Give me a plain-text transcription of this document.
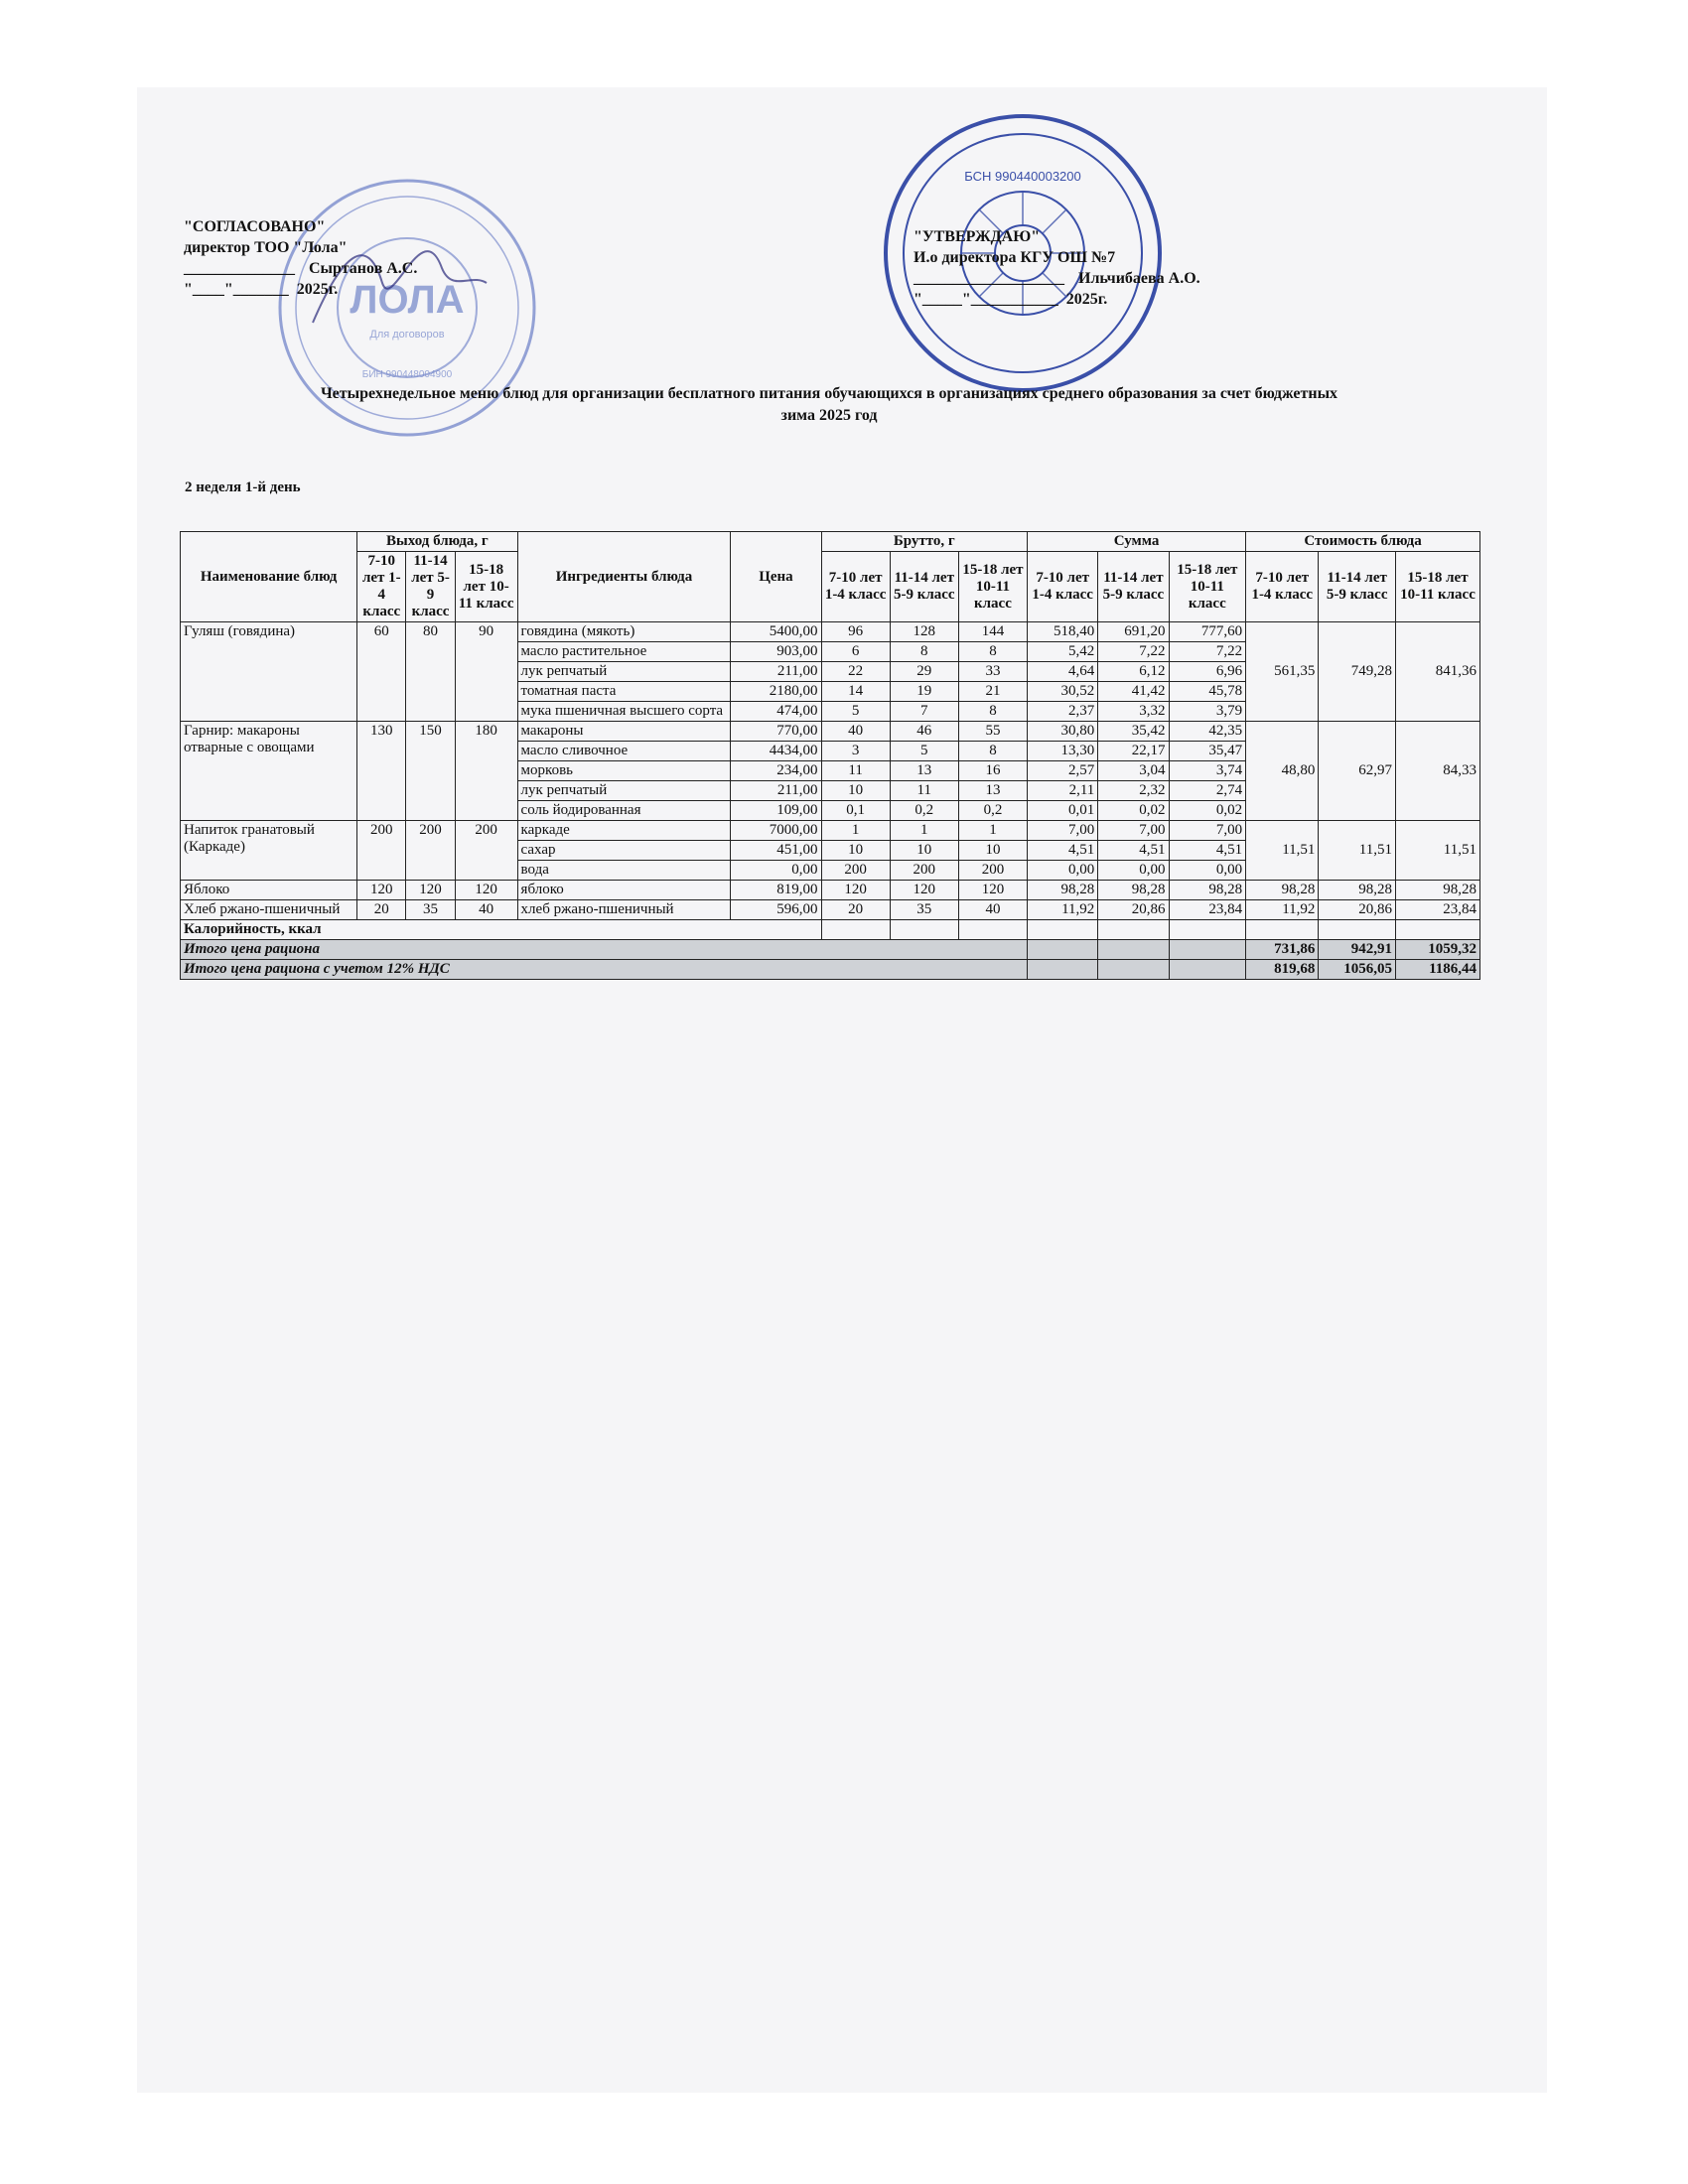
ЛОЛА
Для договоров
БИН 990448004900
БСН 990440003200
"СОГЛАСОВАНО"
директор ТОО "Лола"
______________ Сыртанов А.С.
"____"_______  2025г.
"УТВЕРЖДАЮ"
И.о директора КГУ ОШ №7
___________________ Ильчибаева А.О.
"_____"___________  2025г.
Четырехнедельное меню блюд для организации бесплатного питания обучающихся в организациях среднего образования за счет бюджетных
зима 2025 год
2 неделя 1-й день
Наименование блюд	Выход блюда, г			Ингредиенты блюда	Цена	Брутто, г			Сумма			Стоимость блюда		
	7-10 лет 1-4 класс	11-14 лет 5-9 класс	15-18 лет 10-11 класс			7-10 лет 1-4 класс	11-14 лет 5-9 класс	15-18 лет 10-11 класс	7-10 лет 1-4 класс	11-14 лет 5-9 класс	15-18 лет 10-11 класс	7-10 лет 1-4 класс	11-14 лет 5-9 класс	15-18 лет 10-11 класс
Гуляш (говядина)	60	80	90	говядина (мякоть)	5400,00	96	128	144	518,40	691,20	777,60	561,35	749,28	841,36
				масло растительное	903,00	6	8	8	5,42	7,22	7,22			
				лук репчатый	211,00	22	29	33	4,64	6,12	6,96			
				томатная паста	2180,00	14	19	21	30,52	41,42	45,78			
				мука пшеничная высшего сорта	474,00	5	7	8	2,37	3,32	3,79			
Гарнир: макароны отварные с овощами	130	150	180	макароны	770,00	40	46	55	30,80	35,42	42,35	48,80	62,97	84,33
				масло сливочное	4434,00	3	5	8	13,30	22,17	35,47			
				морковь	234,00	11	13	16	2,57	3,04	3,74			
				лук репчатый	211,00	10	11	13	2,11	2,32	2,74			
				соль йодированная	109,00	0,1	0,2	0,2	0,01	0,02	0,02			
Напиток гранатовый (Каркаде)	200	200	200	каркаде	7000,00	1	1	1	7,00	7,00	7,00	11,51	11,51	11,51
				сахар	451,00	10	10	10	4,51	4,51	4,51			
				вода	0,00	200	200	200	0,00	0,00	0,00			
Яблоко	120	120	120	яблоко	819,00	120	120	120	98,28	98,28	98,28	98,28	98,28	98,28
Хлеб ржано-пшеничный	20	35	40	хлеб ржано-пшеничный	596,00	20	35	40	11,92	20,86	23,84	11,92	20,86	23,84
Калорийность, ккал														
Итого цена рациона												731,86	942,91	1059,32
Итого цена рациона с учетом 12% НДС												819,68	1056,05	1186,44
